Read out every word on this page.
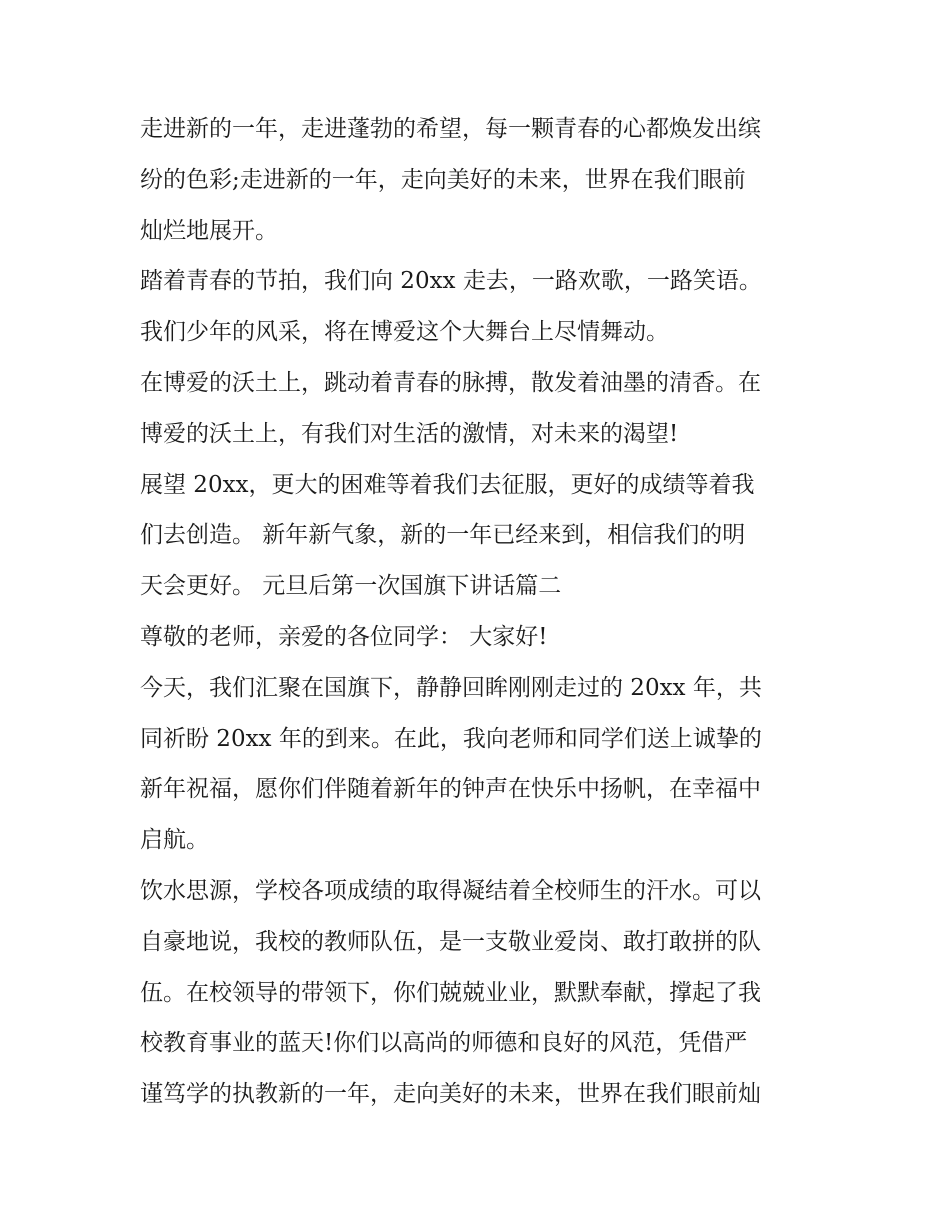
走进新的一年，走进蓬勃的希望，每一颗青春的心都焕发出缤
纷的色彩;走进新的一年，走向美好的未来，世界在我们眼前
灿烂地展开。

踏着青春的节拍，我们向 20xx 走去，一路欢歌，一路笑语。

我们少年的风采，将在博爱这个大舞台上尽情舞动。

在博爱的沃土上，跳动着青春的脉搏，散发着油墨的清香。在
博爱的沃土上，有我们对生活的激情，对未来的渴望!

展望 20xx，更大的困难等着我们去征服，更好的成绩等着我
们去创造。 新年新气象，新的一年已经来到，相信我们的明
天会更好。 元旦后第一次国旗下讲话篇二

尊敬的老师，亲爱的各位同学： 大家好!

今天，我们汇聚在国旗下，静静回眸刚刚走过的 20xx 年，共
同祈盼 20xx 年的到来。在此，我向老师和同学们送上诚挚的
新年祝福，愿你们伴随着新年的钟声在快乐中扬帆，在幸福中
启航。

饮水思源，学校各项成绩的取得凝结着全校师生的汗水。可以
自豪地说，我校的教师队伍，是一支敬业爱岗、敢打敢拼的队
伍。在校领导的带领下，你们兢兢业业，默默奉献，撑起了我
校教育事业的蓝天!你们以高尚的师德和良好的风范，凭借严
谨笃学的执教新的一年，走向美好的未来，世界在我们眼前灿
